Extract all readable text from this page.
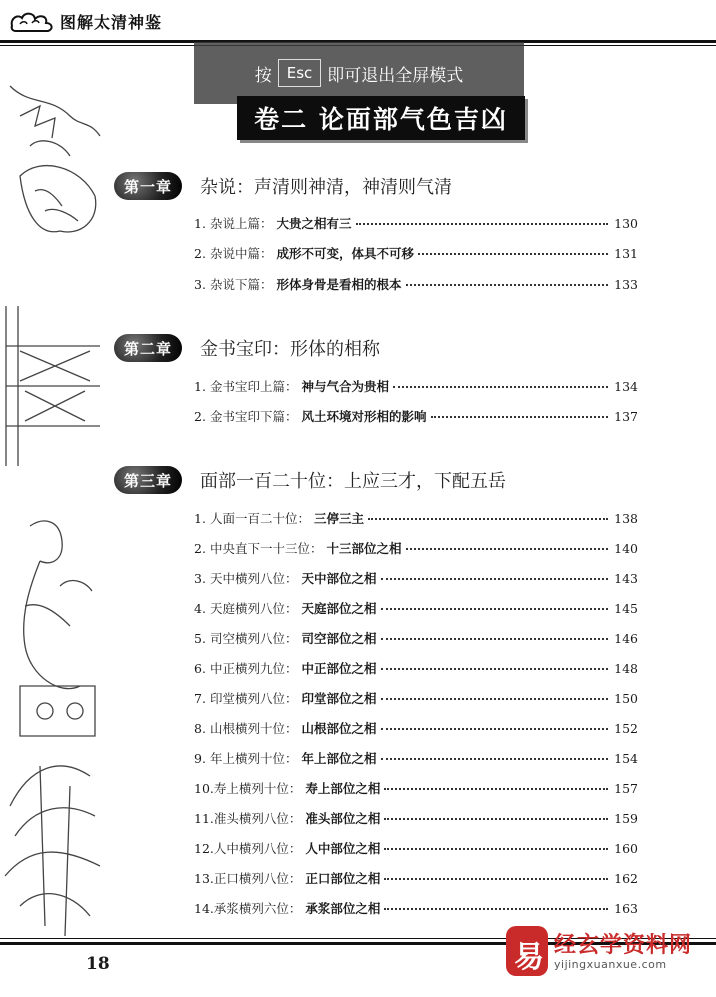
图解太清神鉴
按	Esc 即可退出全屏模式
卷二 论面部气色吉凶
第一章	杂说：声清则神清，神清则气清
1. 杂说上篇： 大贵之相有三	130
2. 杂说中篇： 成形不可变，体具不可移	131
3. 杂说下篇： 形体身骨是看相的根本	133
第二章	金书宝印：形体的相称
1. 金书宝印上篇： 神与气合为贵相	134
2. 金书宝印下篇： 风土环境对形相的影响	137
第三章	面部一百二十位：上应三才，下配五岳
1. 人面一百二十位： 三停三主	138
2. 中央直下一十三位： 十三部位之相	140
3. 天中横列八位： 天中部位之相	143
4. 天庭横列八位： 天庭部位之相	145
5. 司空横列八位： 司空部位之相	146
6. 中正横列九位： 中正部位之相	148
7. 印堂横列八位： 印堂部位之相	150
8. 山根横列十位： 山根部位之相	152
9. 年上横列十位： 年上部位之相	154
10. 寿上横列十位： 寿上部位之相	157
11. 准头横列八位： 准头部位之相	159
12. 人中横列八位： 人中部位之相	160
13. 正口横列八位： 正口部位之相	162
14. 承浆横列六位： 承浆部位之相	163
18	易 经玄学资料网
yijingxuanxue.com
